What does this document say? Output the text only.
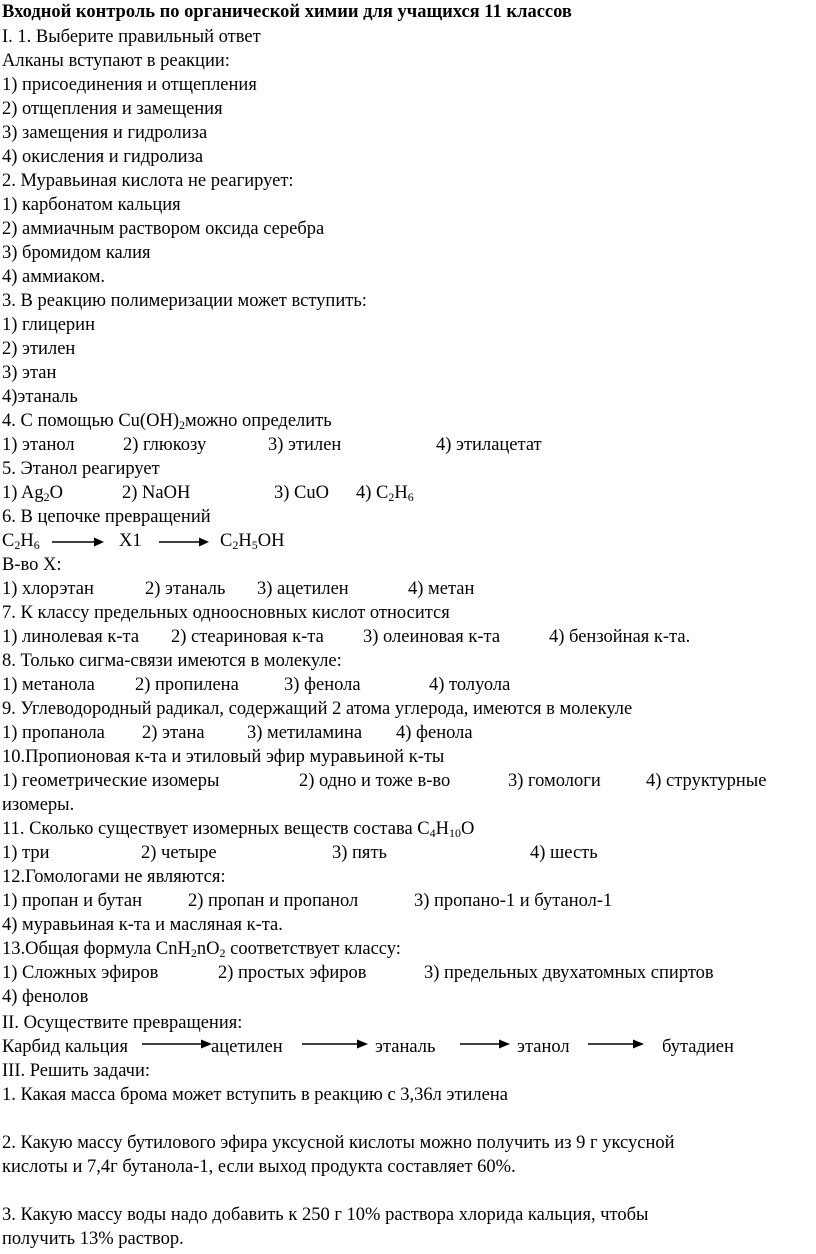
Входной контроль по органической химии для учащихся 11 классов
I. 1. Выберите правильный ответ
Алканы вступают в реакции:
1) присоединения и отщепления
2) отщепления и замещения
3) замещения и гидролиза
4) окисления и гидролиза
2. Муравьиная кислота не реагирует:
1) карбонатом кальция
2) аммиачным раствором оксида серебра
3) бромидом калия
4) аммиаком.
3. В реакцию полимеризации может вступить:
1) глицерин
2) этилен
3) этан
4)этаналь
4. С помощью $Cu(OH)_2можно$ определить
1) этанол	2) глюкозу	3) этилен	4) этилацетат
5. Этанол реагирует
1) $Ag_2O$	2) NaOH	3) CuO 4) $C_2H_6$
6. В цепочке превращений
$C_2H_6$	X1	$C_2H_5OH$
В-во Х:
1) хлорэтан	2) этаналь 3) ацетилен	4) метан
7. К классу предельных одноосновных кислот относится
1) линолевая к-та 2) стеариновая к-та 3) олеиновая к-та	4) бензойная к-та.
8. Только сигма-связи имеются в молекуле:
1) метанола 2) пропилена 3) фенола	4) толуола
9. Углеводородный радикал, содержащий 2 атома углерода, имеются в молекуле
1) пропанола 2) этана 3) метиламина 4) фенола
10.Пропионовая к-та и этиловый эфир муравьиной к-ты
1) геометрические изомеры	2) одно и тоже в-во	3) гомологи 4) структурные
изомеры.
11. Сколько существует изомерных веществ состава $C_4H_{10}O$
1) три	2) четыре	3) пять	4) шесть
12.Гомологами не являются:
1) пропан и бутан 2) пропан и пропанол	3) пропано-1 и бутанол-1
4) муравьиная к-та и масляная к-та.
13.Общая формула $CnH_2nO_2$ соответствует классу:
1) Сложных эфиров	2) простых эфиров	3) предельных двухатомных спиртов
4) фенолов
II. Осуществите превращения:
Карбид кальция	ацетилен	этаналь	этанол	бутадиен
III. Решить задачи:
1. Какая масса брома может вступить в реакцию с 3,36л этилена
2. Какую массу бутилового эфира уксусной кислоты можно получить из 9 г уксусной
кислоты и 7,4г бутанола-1, если выход продукта составляет 60%.
3. Какую массу воды надо добавить к 250 г 10% раствора хлорида кальция, чтобы
получить 13% раствор.
